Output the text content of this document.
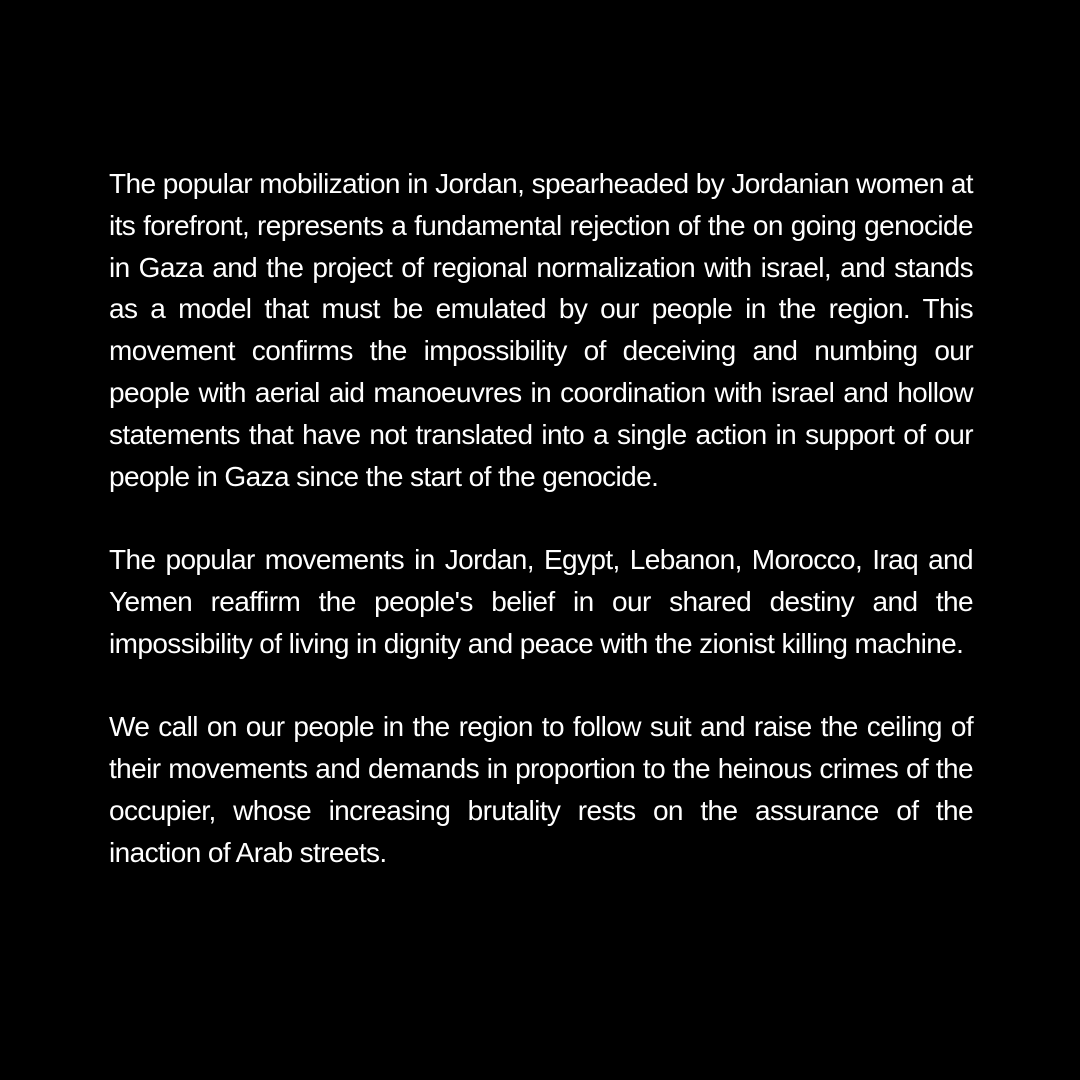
The popular mobilization in Jordan, spearheaded by Jordanian women at its forefront, represents a fundamental rejection of the on going genocide in Gaza and the project of regional normalization with israel, and stands as a model that must be emulated by our people in the region. This movement confirms the impossibility of deceiving and numbing our people with aerial aid manoeuvres in coordination with israel and hollow statements that have not translated into a single action in support of our people in Gaza since the start of the genocide.

The popular movements in Jordan, Egypt, Lebanon, Morocco, Iraq and Yemen reaffirm the people's belief in our shared destiny and the impossibility of living in dignity and peace with the zionist killing machine.

We call on our people in the region to follow suit and raise the ceiling of their movements and demands in proportion to the heinous crimes of the occupier, whose increasing brutality rests on the assurance of the inaction of Arab streets.
